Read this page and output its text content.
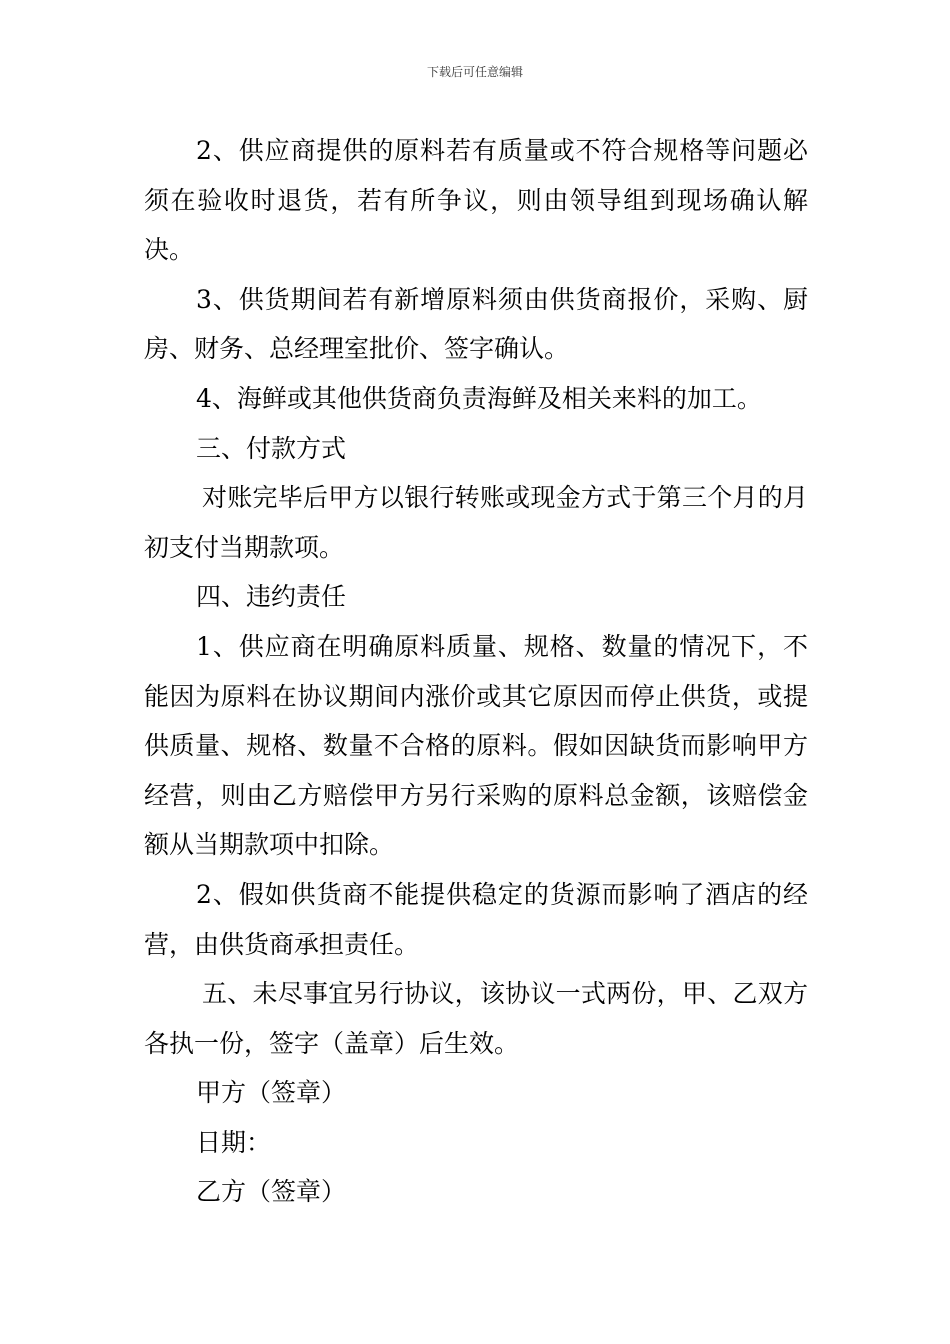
下载后可任意编辑

2、供应商提供的原料若有质量或不符合规格等问题必须在验收时退货，若有所争议，则由领导组到现场确认解决。

3、供货期间若有新增原料须由供货商报价，采购、厨房、财务、总经理室批价、签字确认。

4、海鲜或其他供货商负责海鲜及相关来料的加工。

三、付款方式

对账完毕后甲方以银行转账或现金方式于第三个月的月初支付当期款项。

四、违约责任

1、供应商在明确原料质量、规格、数量的情况下，不能因为原料在协议期间内涨价或其它原因而停止供货，或提供质量、规格、数量不合格的原料。假如因缺货而影响甲方经营，则由乙方赔偿甲方另行采购的原料总金额，该赔偿金额从当期款项中扣除。

2、假如供货商不能提供稳定的货源而影响了酒店的经营，由供货商承担责任。

五、未尽事宜另行协议，该协议一式两份，甲、乙双方各执一份，签字（盖章）后生效。

甲方（签章）

日期：

乙方（签章）
